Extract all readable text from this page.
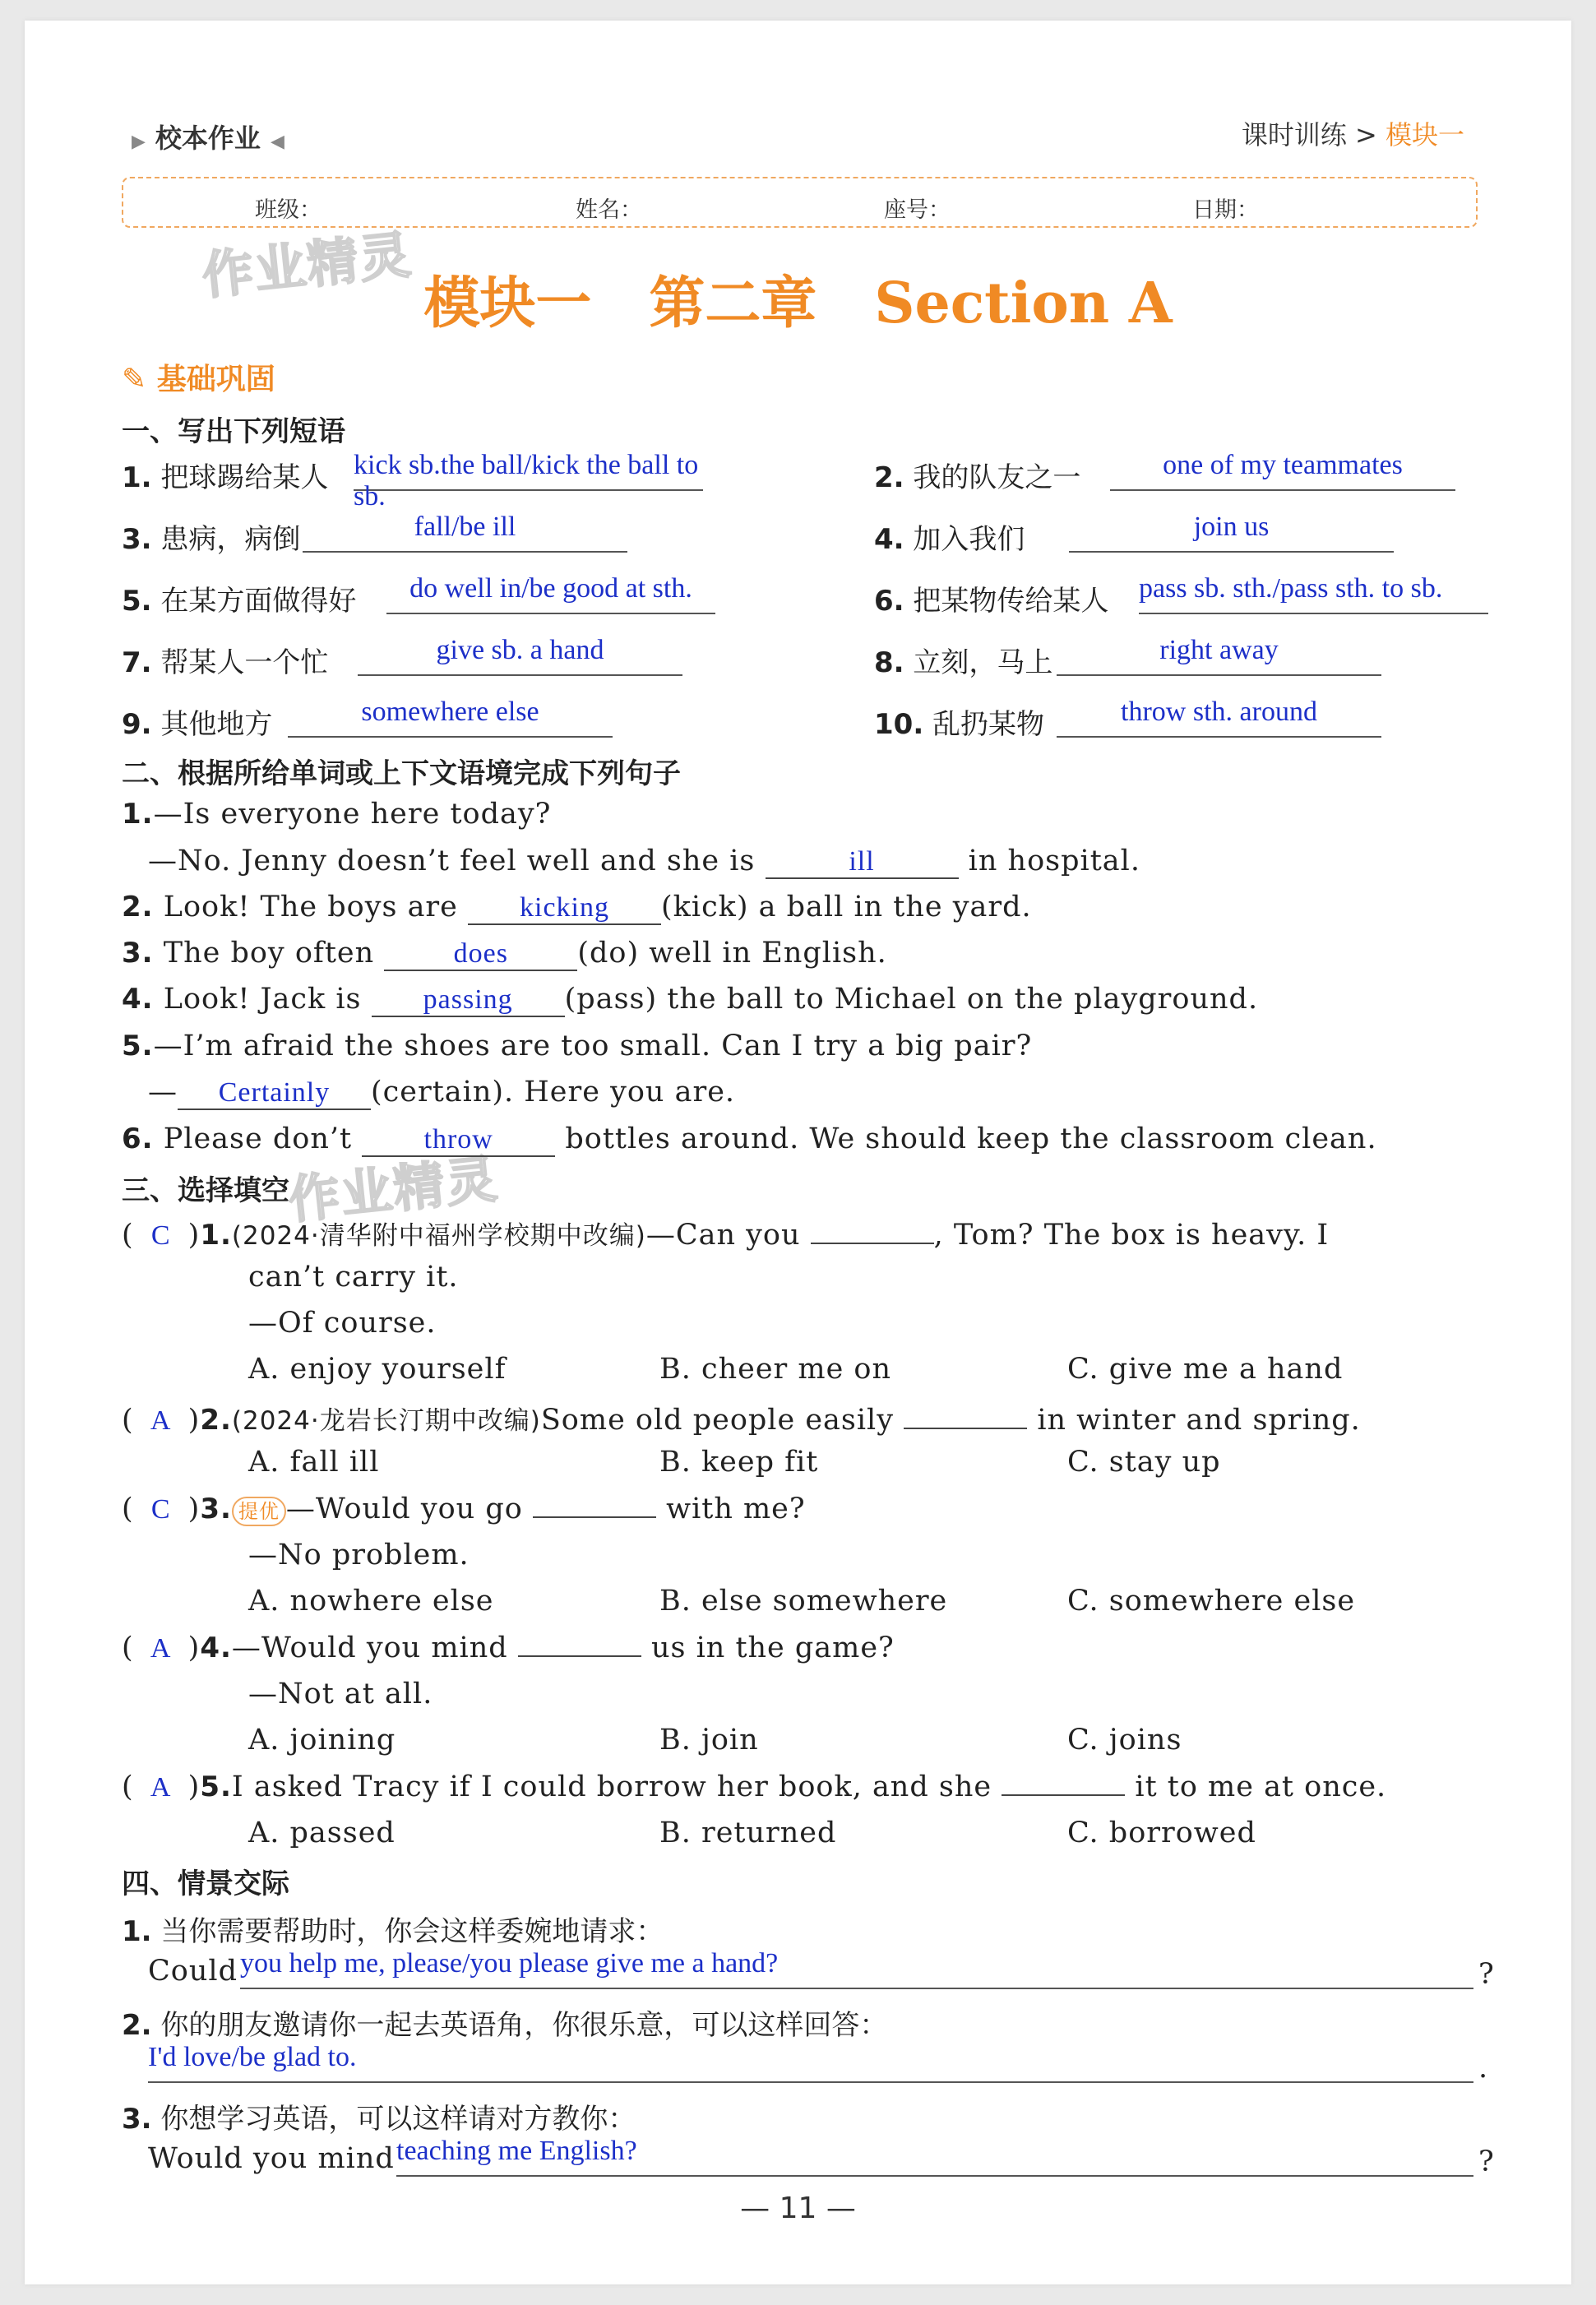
▶ 校本作业 ◀	课时训练 > 模块一
班级：	姓名：	座号：	日期：
作业精灵
作业精灵
模块一 第二章 Section A
✎ 基础巩固
一、写出下列短语
1. 把球踢给某人 kick sb.the ball/kick the ball to sb.
2. 我的队友之一	one of my teammates
3. 患病，病倒	fall/be ill	4. 加入我们	join us
5. 在某方面做得好	do well in/be good at sth.	6. 把某物传给某人 pass sb. sth./pass sth. to sb.
7. 帮某人一个忙	give sb. a hand	8. 立刻，马上	right away
9. 其他地方	somewhere else	10. 乱扔某物	throw sth. around
二、根据所给单词或上下文语境完成下列句子
1.—Is everyone here today?
—No. Jenny doesn’t feel well and she is	ill	in hospital.
2. Look! The boys are kicking (kick) a ball in the yard.
3. The boy often	does (do) well in English.
4. Look! Jack is passing (pass) the ball to Michael on the playground.
5.—I’m afraid the shoes are too small. Can I try a big pair?
— Certainly (certain). Here you are.
6. Please don’t	throw bottles around. We should keep the classroom clean.
三、选择填空
( C )1.(2024·清华附中福州学校期中改编)—Can you	, Tom? The box is heavy. I
can’t carry it.
—Of course.
A. enjoy yourself	B. cheer me on	C. give me a hand
( A )2.(2024·龙岩长汀期中改编)Some old people easily	in winter and spring.
A. fall ill	B. keep fit	C. stay up
( C )3. 提优 —Would you go	with me?
—No problem.
A. nowhere else	B. else somewhere	C. somewhere else
( A )4.—Would you mind	us in the game?
—Not at all.
A. joining	B. join	C. joins
( A )5.I asked Tracy if I could borrow her book, and she	it to me at once.
A. passed	B. returned	C. borrowed
四、情景交际
1. 当你需要帮助时，你会这样委婉地请求：
Could you help me, please/you please give me a hand?	?
2. 你的朋友邀请你一起去英语角，你很乐意，可以这样回答：
I'd love/be glad to.	.
3. 你想学习英语，可以这样请对方教你：
Would you mind teaching me English?	?
— 11 —
